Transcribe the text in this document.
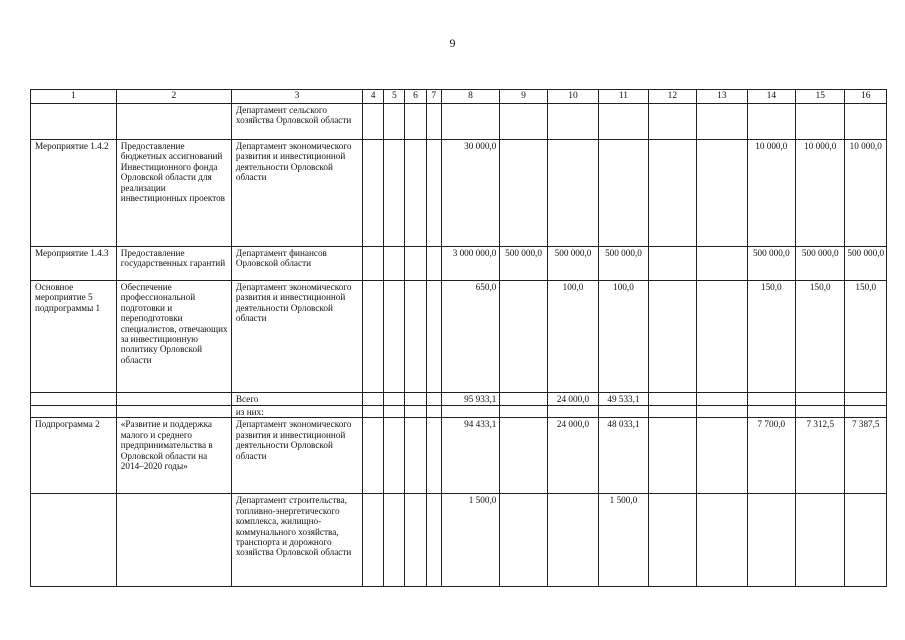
9
1	2	3	4	5	6	7	8	9	10	11	12	13	14	15	16
		Департамент сельского хозяйства Орловской области													
Мероприятие 1.4.2	Предоставление бюджетных ассигнований Инвестиционного фонда Орловской области для реализации инвестиционных проектов	Департамент экономического развития и инвестиционной деятельности Орловской области					30 000,0						10 000,0	10 000,0	10 000,0
Мероприятие 1.4.3	Предоставление государственных гарантий	Департамент финансов Орловской области					3 000 000,0	500 000,0	500 000,0	500 000,0			500 000,0	500 000,0	500 000,0
Основное мероприятие 5 подпрограммы 1	Обеспечение профессиональной подготовки и переподготовки специалистов, отвечающих за инвестиционную политику Орловской области	Департамент экономического развития и инвестиционной деятельности Орловской области					650,0		100,0	100,0			150,0	150,0	150,0
		Всего					95 933,1		24 000,0	49 533,1					
		из них:													
Подпрограмма 2	«Развитие и поддержка малого и среднего предпринимательства в Орловской области на 2014–2020 годы»	Департамент экономического развития и инвестиционной деятельности Орловской области					94 433,1		24 000,0	48 033,1			7 700,0	7 312,5	7 387,5
		Департамент строительства, топливно-энергетического комплекса, жилищно-коммунального хозяйства, транспорта и дорожного хозяйства Орловской области					1 500,0			1 500,0					
